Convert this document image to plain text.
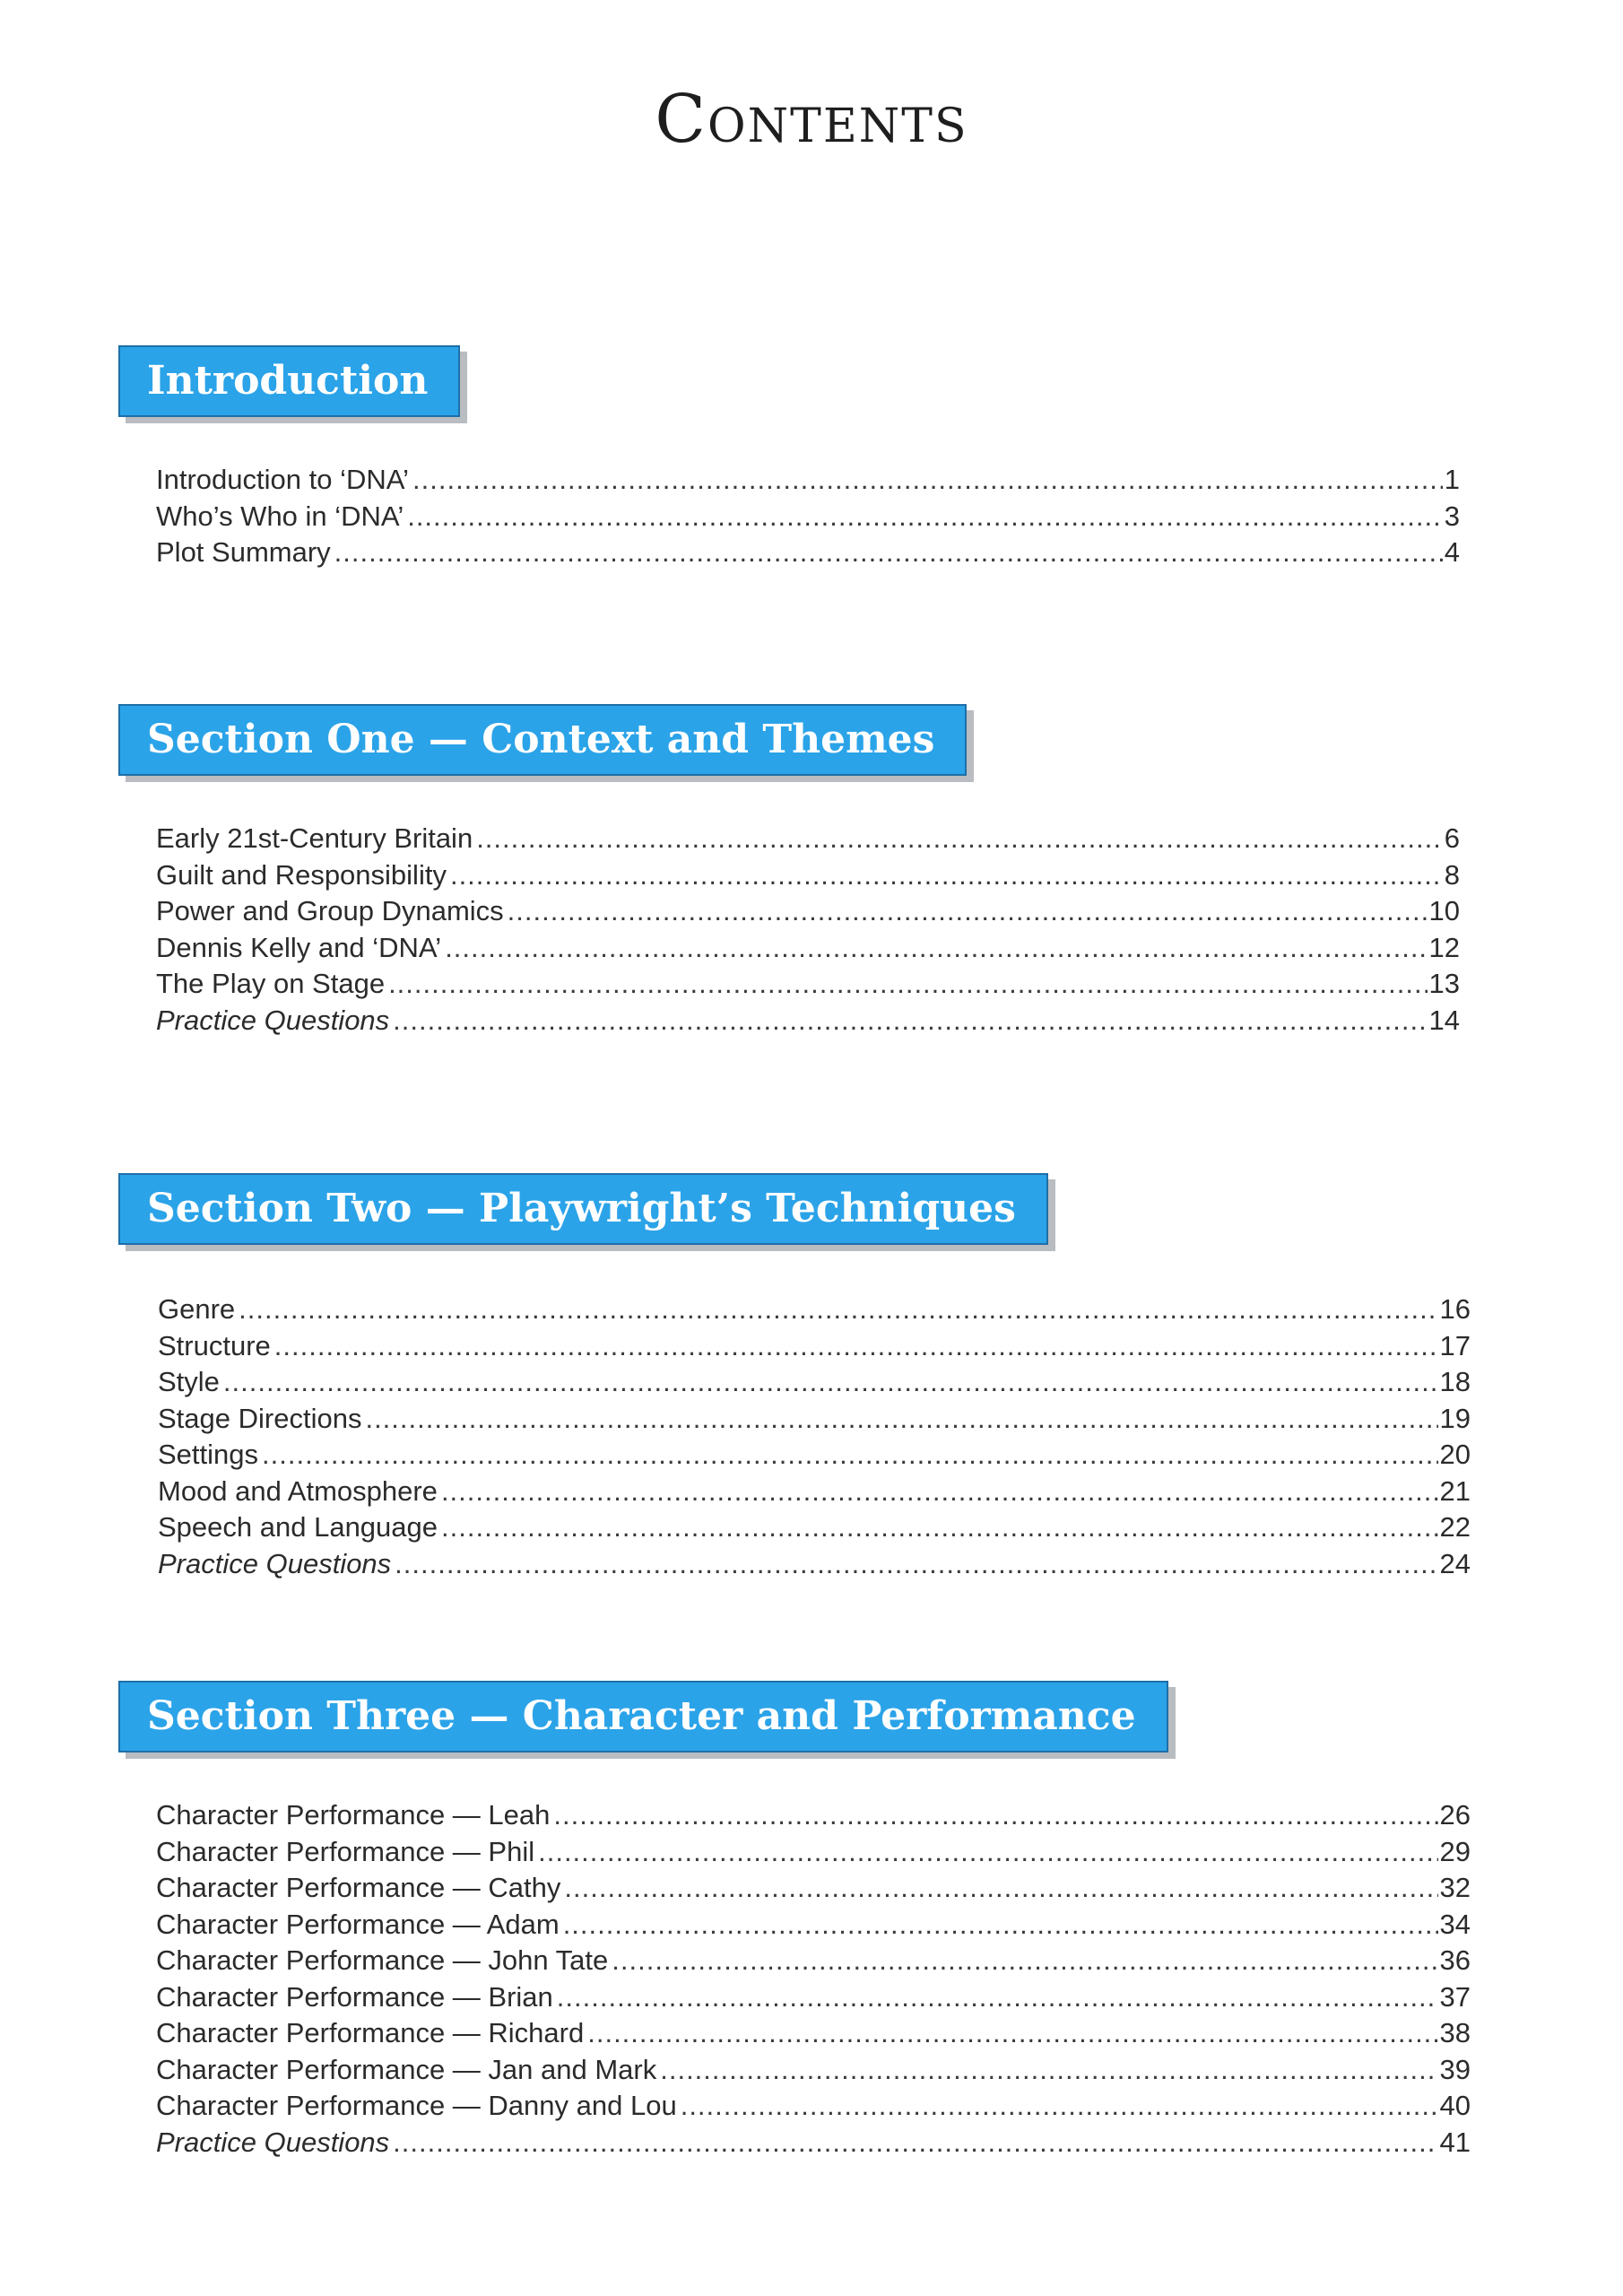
Contents
Introduction
Introduction to ‘DNA’ .....	1
Who’s Who in ‘DNA’ .....	3
Plot Summary .....	4
Section One — Context and Themes
Early 21st-Century Britain .....	6
Guilt and Responsibility .....	8
Power and Group Dynamics .....	10
Dennis Kelly and ‘DNA’ .....	12
The Play on Stage .....	13
Practice Questions .....	14
Section Two — Playwright’s Techniques
Genre .....	16
Structure .....	17
Style .....	18
Stage Directions .....	19
Settings .....	20
Mood and Atmosphere .....	21
Speech and Language .....	22
Practice Questions .....	24
Section Three — Character and Performance
Character Performance — Leah .....	26
Character Performance — Phil .....	29
Character Performance — Cathy .....	32
Character Performance — Adam .....	34
Character Performance — John Tate .....	36
Character Performance — Brian .....	37
Character Performance — Richard .....	38
Character Performance — Jan and Mark .....	39
Character Performance — Danny and Lou .....	40
Practice Questions .....	41
